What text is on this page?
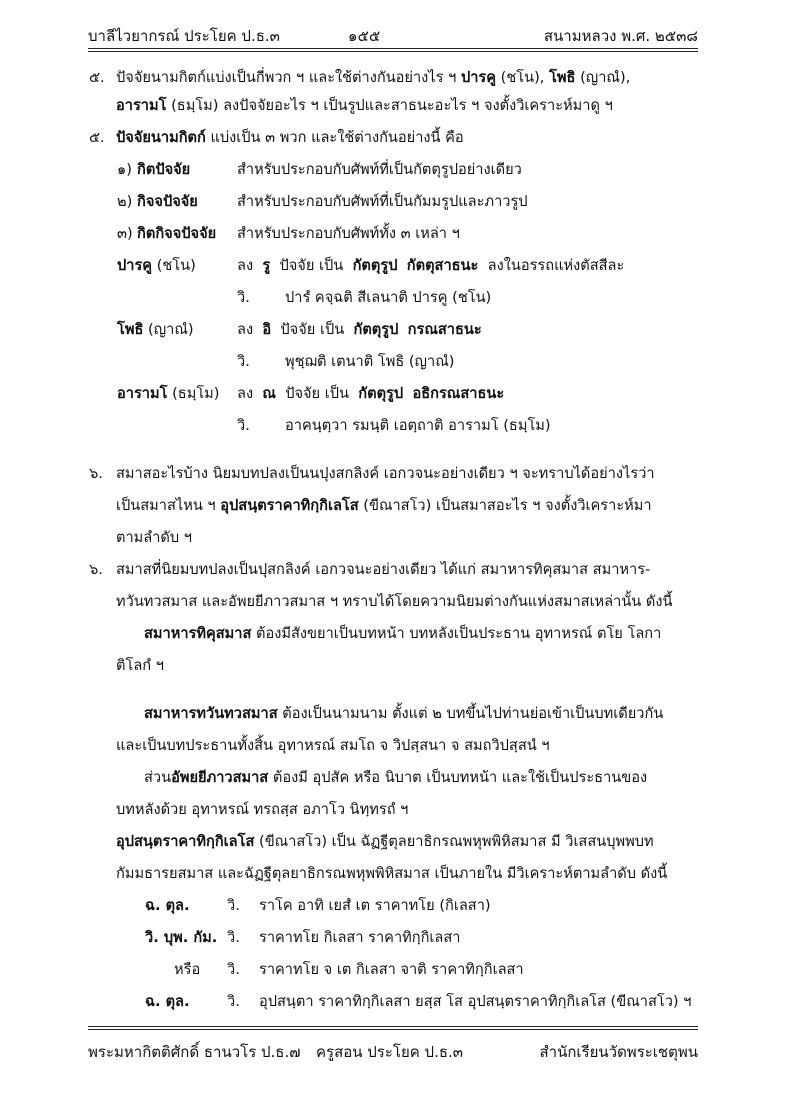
บาลีไวยากรณ์ ประโยค ป.ธ.๓	๑๕๕	สนามหลวง พ.ศ. ๒๕๓๘
๕. ปัจจัยนามกิตก์แบ่งเป็นกี่พวก ฯ และใช้ต่างกันอย่างไร ฯ ปารคู (ชโน), โพธิ (ญาณํ),
อารามโ (ธมฺโม) ลงปัจจัยอะไร ฯ เป็นรูปและสาธนะอะไร ฯ จงตั้งวิเคราะห์มาดู ฯ
๕. ปัจจัยนามกิตก์ แบ่งเป็น ๓ พวก และใช้ต่างกันอย่างนี้ คือ
๑) กิตปัจจัย	สำหรับประกอบกับศัพท์ที่เป็นกัตตุรูปอย่างเดียว
๒) กิจจปัจจัย	สำหรับประกอบกับศัพท์ที่เป็นกัมมรูปและภาวรูป
๓) กิตกิจจปัจจัย สำหรับประกอบกับศัพท์ทั้ง ๓ เหล่า ฯ
ปารคู (ชโน)	ลง รู ปัจจัย เป็น กัตตุรูป กัตตุสาธนะ ลงในอรรถแห่งตัสสีละ
วิ. ปารํ คจฺฉติ สีเลนาติ ปารคู (ชโน)
โพธิ (ญาณํ)	ลง อิ ปัจจัย เป็น กัตตุรูป กรณสาธนะ
วิ. พุชฺฌติ เตนาติ โพธิ (ญาณํ)
อารามโ (ธมฺโม) ลง ณ ปัจจัย เป็น กัตตุรูป อธิกรณสาธนะ
วิ. อาคนฺตฺวา รมนฺติ เอตฺถาติ อารามโ (ธมฺโม)
๖. สมาสอะไรบ้าง นิยมบทปลงเป็นนปุงสกลิงค์ เอกวจนะอย่างเดียว ฯ จะทราบได้อย่างไรว่า
เป็นสมาสไหน ฯ อุปสนฺตราคาทิกฺกิเลโส (ขีณาสโว) เป็นสมาสอะไร ฯ จงตั้งวิเคราะห์มา
ตามลำดับ ฯ
๖. สมาสที่นิยมบทปลงเป็นปุสกลิงค์ เอกวจนะอย่างเดียว ได้แก่ สมาหารทิคุสมาส สมาหาร-
ทวันทวสมาส และอัพยยีภาวสมาส ฯ ทราบได้โดยความนิยมต่างกันแห่งสมาสเหล่านั้น ดังนี้
สมาหารทิคุสมาส ต้องมีสังขยาเป็นบทหน้า บทหลังเป็นประธาน อุทาหรณ์ ตโย โลกา
ติโลกํ ฯ
สมาหารทวันทวสมาส ต้องเป็นนามนาม ตั้งแต่ ๒ บทขึ้นไปท่านย่อเข้าเป็นบทเดียวกัน
และเป็นบทประธานทั้งสิ้น อุทาหรณ์ สมโถ จ วิปสฺสนา จ สมถวิปสฺสนํ ฯ
ส่วนอัพยยีภาวสมาส ต้องมี อุปสัค หรือ นิบาต เป็นบทหน้า และใช้เป็นประธานของ
บทหลังด้วย อุทาหรณ์ ทรถสฺส อภาโว นิทฺทรถํ ฯ
อุปสนฺตราคาทิกฺกิเลโส (ขีณาสโว) เป็น ฉัฏฐีตุลยาธิกรณพหุพพิหิสมาส มี วิเสสนบุพพบท
กัมมธารยสมาส และฉัฏฐีตุลยาธิกรณพหุพพิหิสมาส เป็นภายใน มีวิเคราะห์ตามลำดับ ดังนี้
ฉ. ตุล.	วิ. ราโค อาทิ เยสํ เต ราคาทโย (กิเลสา)
วิ. บุพ. กัม. วิ. ราคาทโย กิเลสา ราคาทิกฺกิเลสา
หรือ วิ. ราคาทโย จ เต กิเลสา จาติ ราคาทิกฺกิเลสา
ฉ. ตุล.	วิ. อุปสนฺตา ราคาทิกฺกิเลสา ยสฺส โส อุปสนฺตราคาทิกฺกิเลโส (ขีณาสโว) ฯ
พระมหากิตติศักดิ์ ธานวโร ป.ธ.๗ ครูสอน ประโยค ป.ธ.๓	สำนักเรียนวัดพระเชตุพน
